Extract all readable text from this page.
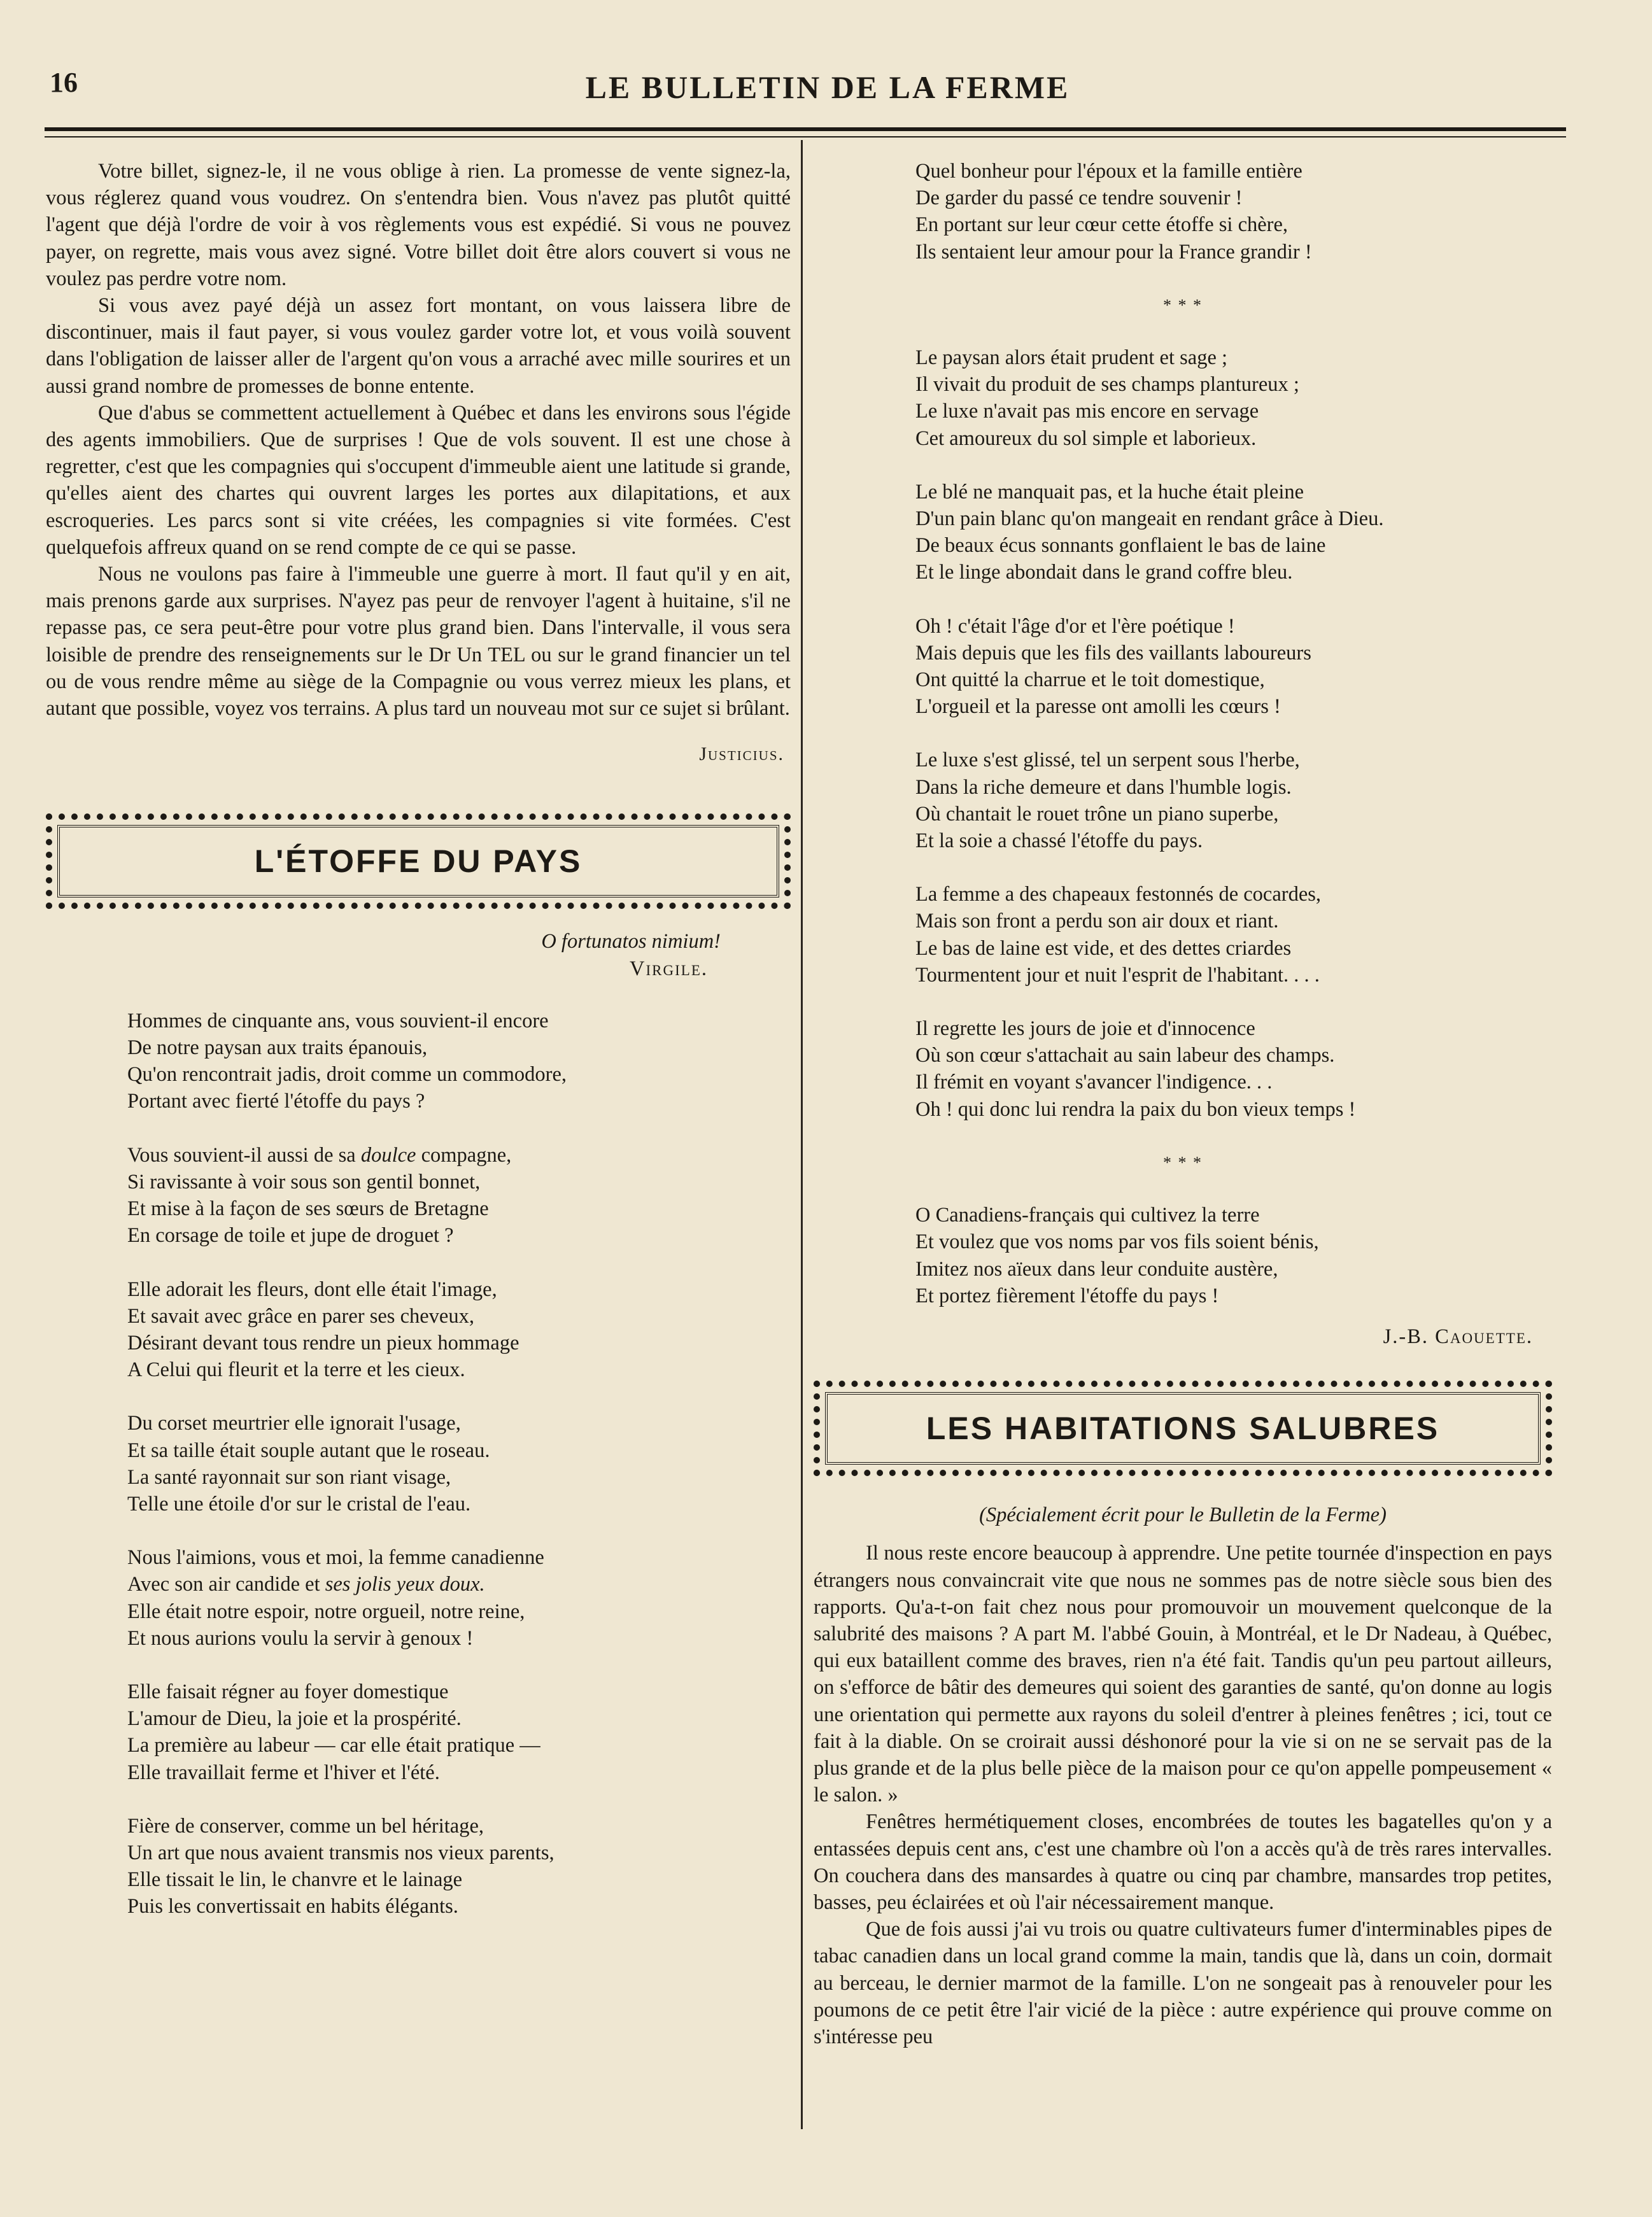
16	LE BULLETIN DE LA FERME

Votre billet, signez-le, il ne vous oblige à rien. La promesse de vente signez-la, vous réglerez quand vous voudrez. On s'entendra bien. Vous n'avez pas plutôt quitté l'agent que déjà l'ordre de voir à vos règlements vous est expédié. Si vous ne pouvez payer, on regrette, mais vous avez signé. Votre billet doit être alors couvert si vous ne voulez pas perdre votre nom.

Si vous avez payé déjà un assez fort montant, on vous laissera libre de discontinuer, mais il faut payer, si vous voulez garder votre lot, et vous voilà souvent dans l'obligation de laisser aller de l'argent qu'on vous a arraché avec mille sourires et un aussi grand nombre de promesses de bonne entente.

Que d'abus se commettent actuellement à Québec et dans les environs sous l'égide des agents immobiliers. Que de surprises ! Que de vols souvent. Il est une chose à regretter, c'est que les compagnies qui s'occupent d'immeuble aient une latitude si grande, qu'elles aient des chartes qui ouvrent larges les portes aux dilapitations, et aux escroqueries. Les parcs sont si vite créées, les compagnies si vite formées. C'est quelquefois affreux quand on se rend compte de ce qui se passe.

Nous ne voulons pas faire à l'immeuble une guerre à mort. Il faut qu'il y en ait, mais prenons garde aux surprises. N'ayez pas peur de renvoyer l'agent à huitaine, s'il ne repasse pas, ce sera peut-être pour votre plus grand bien. Dans l'intervalle, il vous sera loisible de prendre des renseignements sur le Dr Un TEL ou sur le grand financier un tel ou de vous rendre même au siège de la Compagnie ou vous verrez mieux les plans, et autant que possible, voyez vos terrains. A plus tard un nouveau mot sur ce sujet si brûlant.

Justicius.

L'ÉTOFFE DU PAYS
O fortunatos nimium!
Virgile.

Hommes de cinquante ans, vous souvient-il encore

De notre paysan aux traits épanouis,

Qu'on rencontrait jadis, droit comme un commodore,

Portant avec fierté l'étoffe du pays ?

Vous souvient-il aussi de sa doulce compagne,

Si ravissante à voir sous son gentil bonnet,

Et mise à la façon de ses sœurs de Bretagne

En corsage de toile et jupe de droguet ?

Elle adorait les fleurs, dont elle était l'image,

Et savait avec grâce en parer ses cheveux,

Désirant devant tous rendre un pieux hommage

A Celui qui fleurit et la terre et les cieux.

Du corset meurtrier elle ignorait l'usage,

Et sa taille était souple autant que le roseau.

La santé rayonnait sur son riant visage,

Telle une étoile d'or sur le cristal de l'eau.

Nous l'aimions, vous et moi, la femme canadienne

Avec son air candide et ses jolis yeux doux.

Elle était notre espoir, notre orgueil, notre reine,

Et nous aurions voulu la servir à genoux !

Elle faisait régner au foyer domestique

L'amour de Dieu, la joie et la prospérité.

La première au labeur — car elle était pratique —

Elle travaillait ferme et l'hiver et l'été.

Fière de conserver, comme un bel héritage,

Un art que nous avaient transmis nos vieux parents,

Elle tissait le lin, le chanvre et le lainage

Puis les convertissait en habits élégants.

Quel bonheur pour l'époux et la famille entière

De garder du passé ce tendre souvenir !

En portant sur leur cœur cette étoffe si chère,

Ils sentaient leur amour pour la France grandir !

* * *

Le paysan alors était prudent et sage ;

Il vivait du produit de ses champs plantureux ;

Le luxe n'avait pas mis encore en servage

Cet amoureux du sol simple et laborieux.

Le blé ne manquait pas, et la huche était pleine

D'un pain blanc qu'on mangeait en rendant grâce à Dieu.

De beaux écus sonnants gonflaient le bas de laine

Et le linge abondait dans le grand coffre bleu.

Oh ! c'était l'âge d'or et l'ère poétique !

Mais depuis que les fils des vaillants laboureurs

Ont quitté la charrue et le toit domestique,

L'orgueil et la paresse ont amolli les cœurs !

Le luxe s'est glissé, tel un serpent sous l'herbe,

Dans la riche demeure et dans l'humble logis.

Où chantait le rouet trône un piano superbe,

Et la soie a chassé l'étoffe du pays.

La femme a des chapeaux festonnés de cocardes,

Mais son front a perdu son air doux et riant.

Le bas de laine est vide, et des dettes criardes

Tourmentent jour et nuit l'esprit de l'habitant. . . .

Il regrette les jours de joie et d'innocence

Où son cœur s'attachait au sain labeur des champs.

Il frémit en voyant s'avancer l'indigence. . .

Oh ! qui donc lui rendra la paix du bon vieux temps !

* * *

O Canadiens-français qui cultivez la terre

Et voulez que vos noms par vos fils soient bénis,

Imitez nos aïeux dans leur conduite austère,

Et portez fièrement l'étoffe du pays !

J.-B. Caouette.
LES HABITATIONS SALUBRES
(Spécialement écrit pour le Bulletin de la Ferme)

Il nous reste encore beaucoup à apprendre. Une petite tournée d'inspection en pays étrangers nous convaincrait vite que nous ne sommes pas de notre siècle sous bien des rapports. Qu'a-t-on fait chez nous pour promouvoir un mouvement quelconque de la salubrité des maisons ? A part M. l'abbé Gouin, à Montréal, et le Dr Nadeau, à Québec, qui eux bataillent comme des braves, rien n'a été fait. Tandis qu'un peu partout ailleurs, on s'efforce de bâtir des demeures qui soient des garanties de santé, qu'on donne au logis une orientation qui permette aux rayons du soleil d'entrer à pleines fenêtres ; ici, tout ce fait à la diable. On se croirait aussi déshonoré pour la vie si on ne se servait pas de la plus grande et de la plus belle pièce de la maison pour ce qu'on appelle pompeusement « le salon. »

Fenêtres hermétiquement closes, encombrées de toutes les bagatelles qu'on y a entassées depuis cent ans, c'est une chambre où l'on a accès qu'à de très rares intervalles. On couchera dans des mansardes à quatre ou cinq par chambre, mansardes trop petites, basses, peu éclairées et où l'air nécessairement manque.

Que de fois aussi j'ai vu trois ou quatre cultivateurs fumer d'interminables pipes de tabac canadien dans un local grand comme la main, tandis que là, dans un coin, dormait au berceau, le dernier marmot de la famille. L'on ne songeait pas à renouveler pour les poumons de ce petit être l'air vicié de la pièce : autre expérience qui prouve comme on s'intéresse peu
